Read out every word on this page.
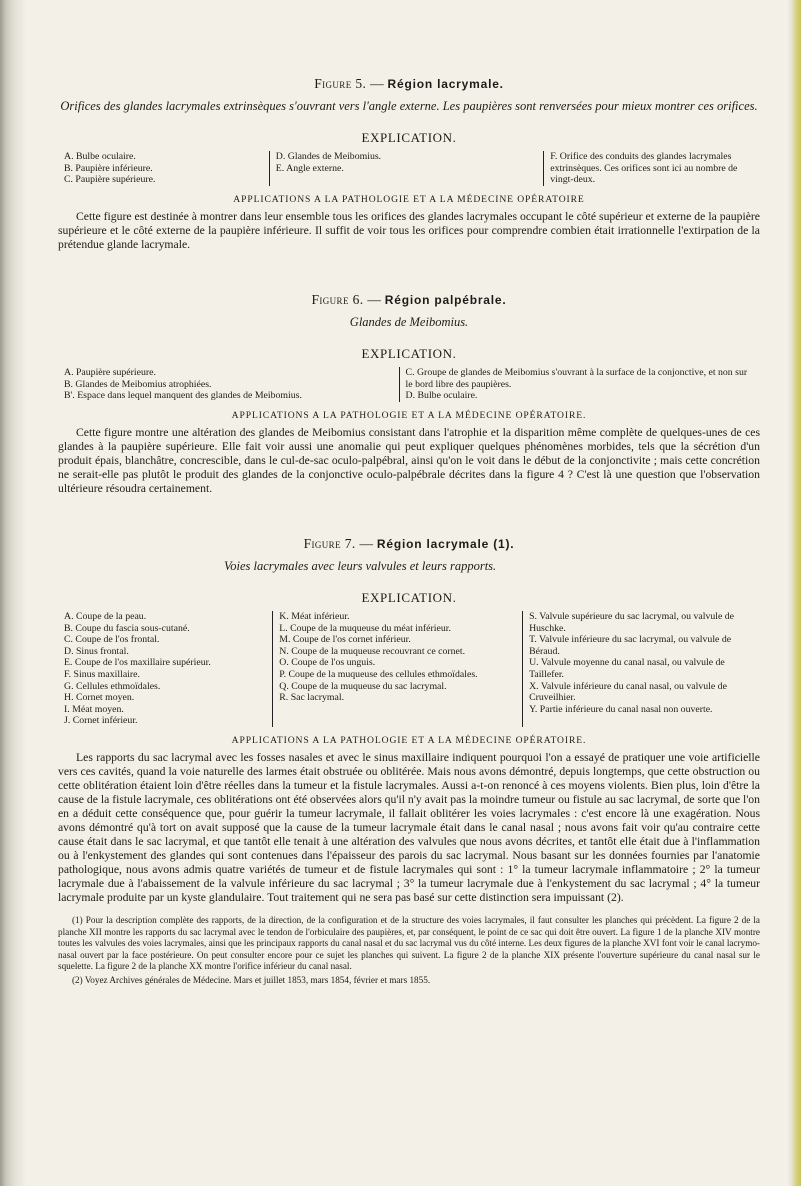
Figure 5. — Région lacrymale.
Orifices des glandes lacrymales extrinsèques s'ouvrant vers l'angle externe. Les paupières sont renversées pour mieux montrer ces orifices.
EXPLICATION.
A. Bulbe oculaire.
B. Paupière inférieure.
C. Paupière supérieure.
D. Glandes de Meibomius.
E. Angle externe.
F. Orifice des conduits des glandes lacrymales extrinsèques. Ces orifices sont ici au nombre de vingt-deux.
APPLICATIONS A LA PATHOLOGIE ET A LA MÉDECINE OPÉRATOIRE
Cette figure est destinée à montrer dans leur ensemble tous les orifices des glandes lacrymales occupant le côté supérieur et externe de la paupière supérieure et le côté externe de la paupière inférieure. Il suffit de voir tous les orifices pour comprendre combien était irrationnelle l'extirpation de la prétendue glande lacrymale.
Figure 6. — Région palpébrale.
Glandes de Meibomius.
EXPLICATION.
A. Paupière supérieure.
B. Glandes de Meibomius atrophiées.
B'. Espace dans lequel manquent des glandes de Meibomius.
C. Groupe de glandes de Meibomius s'ouvrant à la surface de la conjonctive, et non sur le bord libre des paupières.
D. Bulbe oculaire.
APPLICATIONS A LA PATHOLOGIE ET A LA MÉDECINE OPÉRATOIRE.
Cette figure montre une altération des glandes de Meibomius consistant dans l'atrophie et la disparition même complète de quelques-unes de ces glandes à la paupière supérieure. Elle fait voir aussi une anomalie qui peut expliquer quelques phénomènes morbides, tels que la sécrétion d'un produit épais, blanchâtre, concrescible, dans le cul-de-sac oculo-palpébral, ainsi qu'on le voit dans le début de la conjonctivite ; mais cette concrétion ne serait-elle pas plutôt le produit des glandes de la conjonctive oculo-palpébrale décrites dans la figure 4 ? C'est là une question que l'observation ultérieure résoudra certainement.
Figure 7. — Région lacrymale (1).
Voies lacrymales avec leurs valvules et leurs rapports.
EXPLICATION.
A. Coupe de la peau.
B. Coupe du fascia sous-cutané.
C. Coupe de l'os frontal.
D. Sinus frontal.
E. Coupe de l'os maxillaire supérieur.
F. Sinus maxillaire.
G. Cellules ethmoïdales.
H. Cornet moyen.
I. Méat moyen.
J. Cornet inférieur.
K. Méat inférieur.
L. Coupe de la muqueuse du méat inférieur.
M. Coupe de l'os cornet inférieur.
N. Coupe de la muqueuse recouvrant ce cornet.
O. Coupe de l'os unguis.
P. Coupe de la muqueuse des cellules ethmoïdales.
Q. Coupe de la muqueuse du sac lacrymal.
R. Sac lacrymal.
S. Valvule supérieure du sac lacrymal, ou valvule de Huschke.
T. Valvule inférieure du sac lacrymal, ou valvule de Béraud.
U. Valvule moyenne du canal nasal, ou valvule de Taillefer.
X. Valvule inférieure du canal nasal, ou valvule de Cruveilhier.
Y. Partie inférieure du canal nasal non ouverte.
APPLICATIONS A LA PATHOLOGIE ET A LA MÉDECINE OPÉRATOIRE.
Les rapports du sac lacrymal avec les fosses nasales et avec le sinus maxillaire indiquent pourquoi l'on a essayé de pratiquer une voie artificielle vers ces cavités, quand la voie naturelle des larmes était obstruée ou oblitérée. Mais nous avons démontré, depuis longtemps, que cette obstruction ou cette oblitération étaient loin d'être réelles dans la tumeur et la fistule lacrymales. Aussi a-t-on renoncé à ces moyens violents. Bien plus, loin d'être la cause de la fistule lacrymale, ces oblitérations ont été observées alors qu'il n'y avait pas la moindre tumeur ou fistule au sac lacrymal, de sorte que l'on en a déduit cette conséquence que, pour guérir la tumeur lacrymale, il fallait oblitérer les voies lacrymales : c'est encore là une exagération. Nous avons démontré qu'à tort on avait supposé que la cause de la tumeur lacrymale était dans le canal nasal ; nous avons fait voir qu'au contraire cette cause était dans le sac lacrymal, et que tantôt elle tenait à une altération des valvules que nous avons décrites, et tantôt elle était due à l'inflammation ou à l'enkystement des glandes qui sont contenues dans l'épaisseur des parois du sac lacrymal. Nous basant sur les données fournies par l'anatomie pathologique, nous avons admis quatre variétés de tumeur et de fistule lacrymales qui sont : 1° la tumeur lacrymale inflammatoire ; 2° la tumeur lacrymale due à l'abaissement de la valvule inférieure du sac lacrymal ; 3° la tumeur lacrymale due à l'enkystement du sac lacrymal ; 4° la tumeur lacrymale produite par un kyste glandulaire. Tout traitement qui ne sera pas basé sur cette distinction sera impuissant (2).
(1) Pour la description complète des rapports, de la direction, de la configuration et de la structure des voies lacrymales, il faut consulter les planches qui précèdent. La figure 2 de la planche XII montre les rapports du sac lacrymal avec le tendon de l'orbiculaire des paupières, et, par conséquent, le point de ce sac qui doit être ouvert. La figure 1 de la planche XIV montre toutes les valvules des voies lacrymales, ainsi que les principaux rapports du canal nasal et du sac lacrymal vus du côté interne. Les deux figures de la planche XVI font voir le canal lacrymo-nasal ouvert par la face postérieure. On peut consulter encore pour ce sujet les planches qui suivent. La figure 2 de la planche XIX présente l'ouverture supérieure du canal nasal sur le squelette. La figure 2 de la planche XX montre l'orifice inférieur du canal nasal.
(2) Voyez Archives générales de Médecine. Mars et juillet 1853, mars 1854, février et mars 1855.
